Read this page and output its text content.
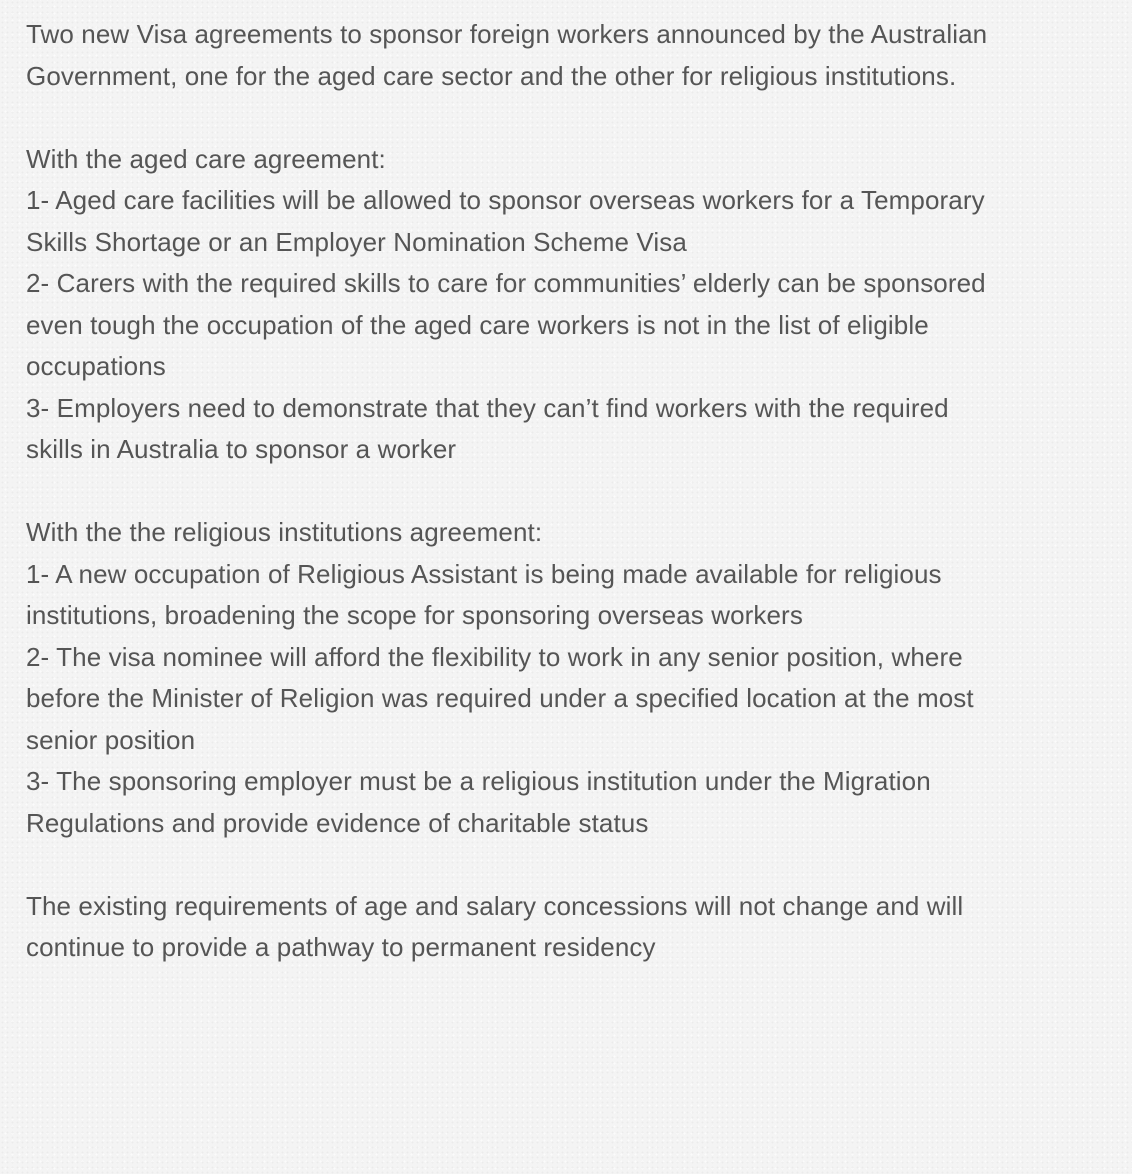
Two new Visa agreements to sponsor foreign workers announced by the Australian
Government, one for the aged care sector and the other for religious institutions.
With the aged care agreement:
1- Aged care facilities will be allowed to sponsor overseas workers for a Temporary
Skills Shortage or an Employer Nomination Scheme Visa
2- Carers with the required skills to care for communities’ elderly can be sponsored
even tough the occupation of the aged care workers is not in the list of eligible
occupations
3- Employers need to demonstrate that they can’t find workers with the required
skills in Australia to sponsor a worker
With the the religious institutions agreement:
1- A new occupation of Religious Assistant is being made available for religious
institutions, broadening the scope for sponsoring overseas workers
2- The visa nominee will afford the flexibility to work in any senior position, where
before the Minister of Religion was required under a specified location at the most
senior position
3- The sponsoring employer must be a religious institution under the Migration
Regulations and provide evidence of charitable status
The existing requirements of age and salary concessions will not change and will
continue to provide a pathway to permanent residency
